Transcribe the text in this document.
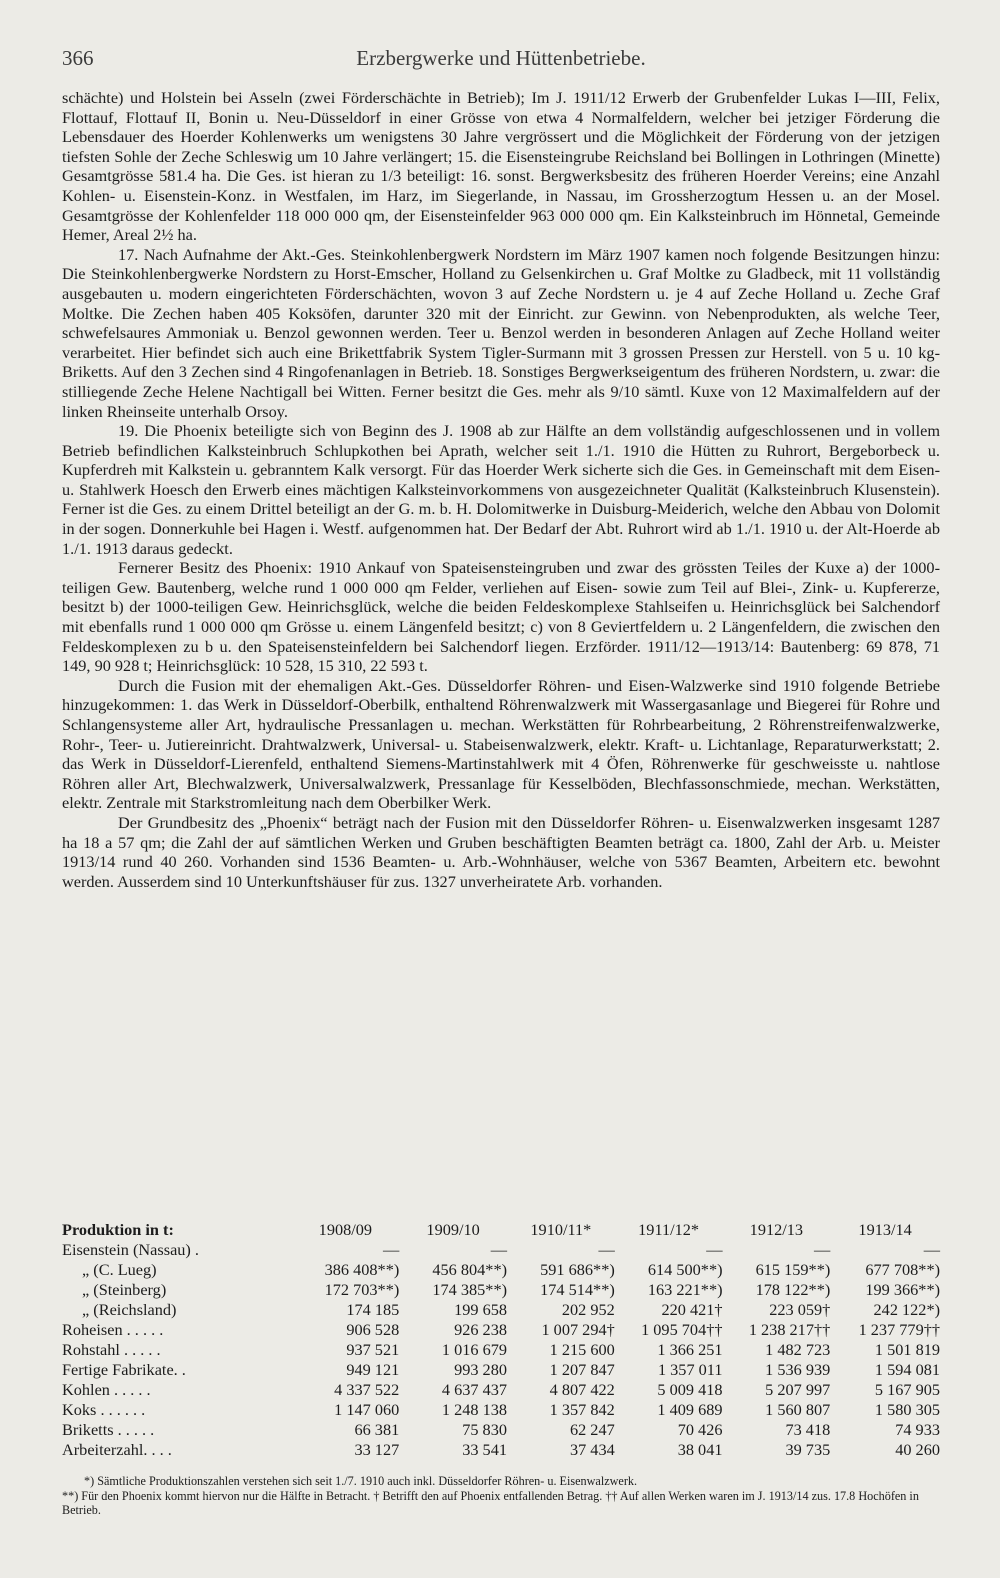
366	Erzbergwerke und Hüttenbetriebe.

schächte) und Holstein bei Asseln (zwei Förderschächte in Betrieb); Im J. 1911/12 Erwerb der Grubenfelder Lukas I—III, Felix, Flottauf, Flottauf II, Bonin u. Neu-Düsseldorf in einer Grösse von etwa 4 Normalfeldern, welcher bei jetziger Förderung die Lebensdauer des Hoerder Kohlenwerks um wenigstens 30 Jahre vergrössert und die Möglichkeit der Förderung von der jetzigen tiefsten Sohle der Zeche Schleswig um 10 Jahre verlängert; 15. die Eisensteingrube Reichsland bei Bollingen in Lothringen (Minette) Gesamtgrösse 581.4 ha. Die Ges. ist hieran zu 1/3 beteiligt: 16. sonst. Bergwerksbesitz des früheren Hoerder Vereins; eine Anzahl Kohlen- u. Eisenstein-Konz. in Westfalen, im Harz, im Siegerlande, in Nassau, im Grossherzogtum Hessen u. an der Mosel. Gesamtgrösse der Kohlenfelder 118 000 000 qm, der Eisensteinfelder 963 000 000 qm. Ein Kalksteinbruch im Hönnetal, Gemeinde Hemer, Areal 2½ ha.

17. Nach Aufnahme der Akt.-Ges. Steinkohlenbergwerk Nordstern im März 1907 kamen noch folgende Besitzungen hinzu: Die Steinkohlenbergwerke Nordstern zu Horst-Emscher, Holland zu Gelsenkirchen u. Graf Moltke zu Gladbeck, mit 11 vollständig ausgebauten u. modern eingerichteten Förderschächten, wovon 3 auf Zeche Nordstern u. je 4 auf Zeche Holland u. Zeche Graf Moltke. Die Zechen haben 405 Koksöfen, darunter 320 mit der Einricht. zur Gewinn. von Nebenprodukten, als welche Teer, schwefelsaures Ammoniak u. Benzol gewonnen werden. Teer u. Benzol werden in besonderen Anlagen auf Zeche Holland weiter verarbeitet. Hier befindet sich auch eine Brikettfabrik System Tigler-Surmann mit 3 grossen Pressen zur Herstell. von 5 u. 10 kg-Briketts. Auf den 3 Zechen sind 4 Ringofenanlagen in Betrieb. 18. Sonstiges Bergwerkseigentum des früheren Nordstern, u. zwar: die stilliegende Zeche Helene Nachtigall bei Witten. Ferner besitzt die Ges. mehr als 9/10 sämtl. Kuxe von 12 Maximalfeldern auf der linken Rheinseite unterhalb Orsoy.

19. Die Phoenix beteiligte sich von Beginn des J. 1908 ab zur Hälfte an dem vollständig aufgeschlossenen und in vollem Betrieb befindlichen Kalksteinbruch Schlupkothen bei Aprath, welcher seit 1./1. 1910 die Hütten zu Ruhrort, Bergeborbeck u. Kupferdreh mit Kalkstein u. gebranntem Kalk versorgt. Für das Hoerder Werk sicherte sich die Ges. in Gemeinschaft mit dem Eisen- u. Stahlwerk Hoesch den Erwerb eines mächtigen Kalksteinvorkommens von ausgezeichneter Qualität (Kalksteinbruch Klusenstein). Ferner ist die Ges. zu einem Drittel beteiligt an der G. m. b. H. Dolomitwerke in Duisburg-Meiderich, welche den Abbau von Dolomit in der sogen. Donnerkuhle bei Hagen i. Westf. aufgenommen hat. Der Bedarf der Abt. Ruhrort wird ab 1./1. 1910 u. der Alt-Hoerde ab 1./1. 1913 daraus gedeckt.

Fernerer Besitz des Phoenix: 1910 Ankauf von Spateisensteingruben und zwar des grössten Teiles der Kuxe a) der 1000-teiligen Gew. Bautenberg, welche rund 1 000 000 qm Felder, verliehen auf Eisen- sowie zum Teil auf Blei-, Zink- u. Kupfererze, besitzt b) der 1000-teiligen Gew. Heinrichsglück, welche die beiden Feldeskomplexe Stahlseifen u. Heinrichsglück bei Salchendorf mit ebenfalls rund 1 000 000 qm Grösse u. einem Längenfeld besitzt; c) von 8 Geviertfeldern u. 2 Längenfeldern, die zwischen den Feldeskomplexen zu b u. den Spateisensteinfeldern bei Salchendorf liegen. Erzförder. 1911/12—1913/14: Bautenberg: 69 878, 71 149, 90 928 t; Heinrichsglück: 10 528, 15 310, 22 593 t.

Durch die Fusion mit der ehemaligen Akt.-Ges. Düsseldorfer Röhren- und Eisen-Walzwerke sind 1910 folgende Betriebe hinzugekommen: 1. das Werk in Düsseldorf-Oberbilk, enthaltend Röhrenwalzwerk mit Wassergasanlage und Biegerei für Rohre und Schlangensysteme aller Art, hydraulische Pressanlagen u. mechan. Werkstätten für Rohrbearbeitung, 2 Röhrenstreifenwalzwerke, Rohr-, Teer- u. Jutiereinricht. Drahtwalzwerk, Universal- u. Stabeisenwalzwerk, elektr. Kraft- u. Lichtanlage, Reparaturwerkstatt; 2. das Werk in Düsseldorf-Lierenfeld, enthaltend Siemens-Martinstahlwerk mit 4 Öfen, Röhrenwerke für geschweisste u. nahtlose Röhren aller Art, Blechwalzwerk, Universalwalzwerk, Pressanlage für Kesselböden, Blechfassonschmiede, mechan. Werkstätten, elektr. Zentrale mit Starkstromleitung nach dem Oberbilker Werk.

Der Grundbesitz des „Phoenix“ beträgt nach der Fusion mit den Düsseldorfer Röhren- u. Eisenwalzwerken insgesamt 1287 ha 18 a 57 qm; die Zahl der auf sämtlichen Werken und Gruben beschäftigten Beamten beträgt ca. 1800, Zahl der Arb. u. Meister 1913/14 rund 40 260. Vorhanden sind 1536 Beamten- u. Arb.-Wohnhäuser, welche von 5367 Beamten, Arbeitern etc. bewohnt werden. Ausserdem sind 10 Unterkunftshäuser für zus. 1327 unverheiratete Arb. vorhanden.

Produktion in t:	1908/09	1909/10	1910/11*	1911/12*	1912/13	1913/14
Eisenstein (Nassau) .	—	—	—	—	—	—
„ (C. Lueg)	386 408**)	456 804**)	591 686**)	614 500**)	615 159**)	677 708**)
„ (Steinberg)	172 703**)	174 385**)	174 514**)	163 221**)	178 122**)	199 366**)
„ (Reichsland)	174 185	199 658	202 952	220 421†	223 059†	242 122*)
Roheisen . . . . .	906 528	926 238	1 007 294†	1 095 704††	1 238 217††	1 237 779††
Rohstahl . . . . .	937 521	1 016 679	1 215 600	1 366 251	1 482 723	1 501 819
Fertige Fabrikate. .	949 121	993 280	1 207 847	1 357 011	1 536 939	1 594 081
Kohlen . . . . .	4 337 522	4 637 437	4 807 422	5 009 418	5 207 997	5 167 905
Koks . . . . . .	1 147 060	1 248 138	1 357 842	1 409 689	1 560 807	1 580 305
Briketts . . . . .	66 381	75 830	62 247	70 426	73 418	74 933
Arbeiterzahl. . . .	33 127	33 541	37 434	38 041	39 735	40 260

*) Sämtliche Produktionszahlen verstehen sich seit 1./7. 1910 auch inkl. Düsseldorfer Röhren- u. Eisenwalzwerk.

**) Für den Phoenix kommt hiervon nur die Hälfte in Betracht. † Betrifft den auf Phoenix entfallenden Betrag. †† Auf allen Werken waren im J. 1913/14 zus. 17.8 Hochöfen in Betrieb.
